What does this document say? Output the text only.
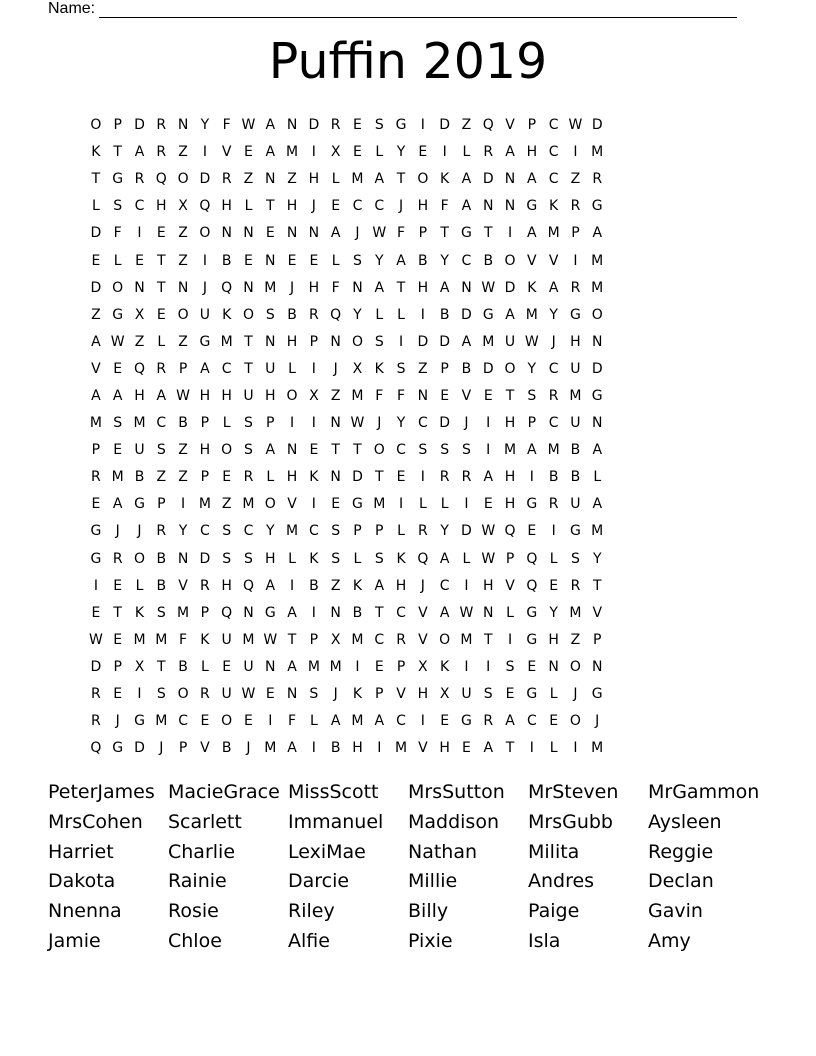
Name:
Puffin 2019
O P D R N Y F W A N D R E S G	I	D Z Q V P C W D
K T A R Z	I	V E A M I	X E L Y E	I	L R A H C	I M
T G R Q O D R Z N Z H L M A T O K A D N A C Z R
L S C H X Q H L T H	J	E C C	J	H F A N N G K R G
D F	I	E Z O N N E N N A	J W F P T G T	I	A M P A
E L E T Z	I	B E N E E L S Y A B Y C B O V V	I M
D O N T N	J	Q N M J	H F N A T H A N W D K A R M
Z G X E O U K O S B R Q Y L L	I	B D G A M Y G O
A W Z L Z G M T N H P N O S	I	D D A M U W J	H N
V E Q R P A C T U L	I	J	X K S Z P B D O Y C U D
A A H A W H H U H O X Z M F F N E V E T S R M G
M S M C B P L S P	I	I	N W J	Y C D	J	I	H P C U N
P E U S Z H O S A N E T T O C S S S	I M A M B A
R M B Z Z P E R L H K N D T E	I	R R A H	I	B B L
E A G P	I M Z M O V	I	E G M I	L L	I	E H G R U A
G	J	J	R Y C S C Y M C S P P L R Y D W Q E	I	G M
G R O B N D S S H L K S L S K Q A L W P Q L S Y
I	E L B V R H Q A	I	B Z K A H	J	C	I	H V Q E R T
E T K S M P Q N G A	I	N B T C V A W N L G Y M V
W E M M F K U M W T P X M C R V O M T	I	G H Z P
D P X T B L E U N A M M I	E P X K	I	I	S E N O N
R E	I	S O R U W E N S	J	K P V H X U S E G L	J	G
R	J	G M C E O E	I	F L A M A C	I	E G R A C E O	J
Q G D	J	P V B	J M A	I	B H	I M V H E A T	I	L	I M
PeterJames MacieGrace MissScott	MrsSutton	MrSteven	MrGammon
MrsCohen	Scarlett	Immanuel	Maddison	MrsGubb	Aysleen
Harriet	Charlie	LexiMae	Nathan	Milita	Reggie
Dakota	Rainie	Darcie	Millie	Andres	Declan
Nnenna	Rosie	Riley	Billy	Paige	Gavin
Jamie	Chloe	Alfie	Pixie	Isla	Amy
